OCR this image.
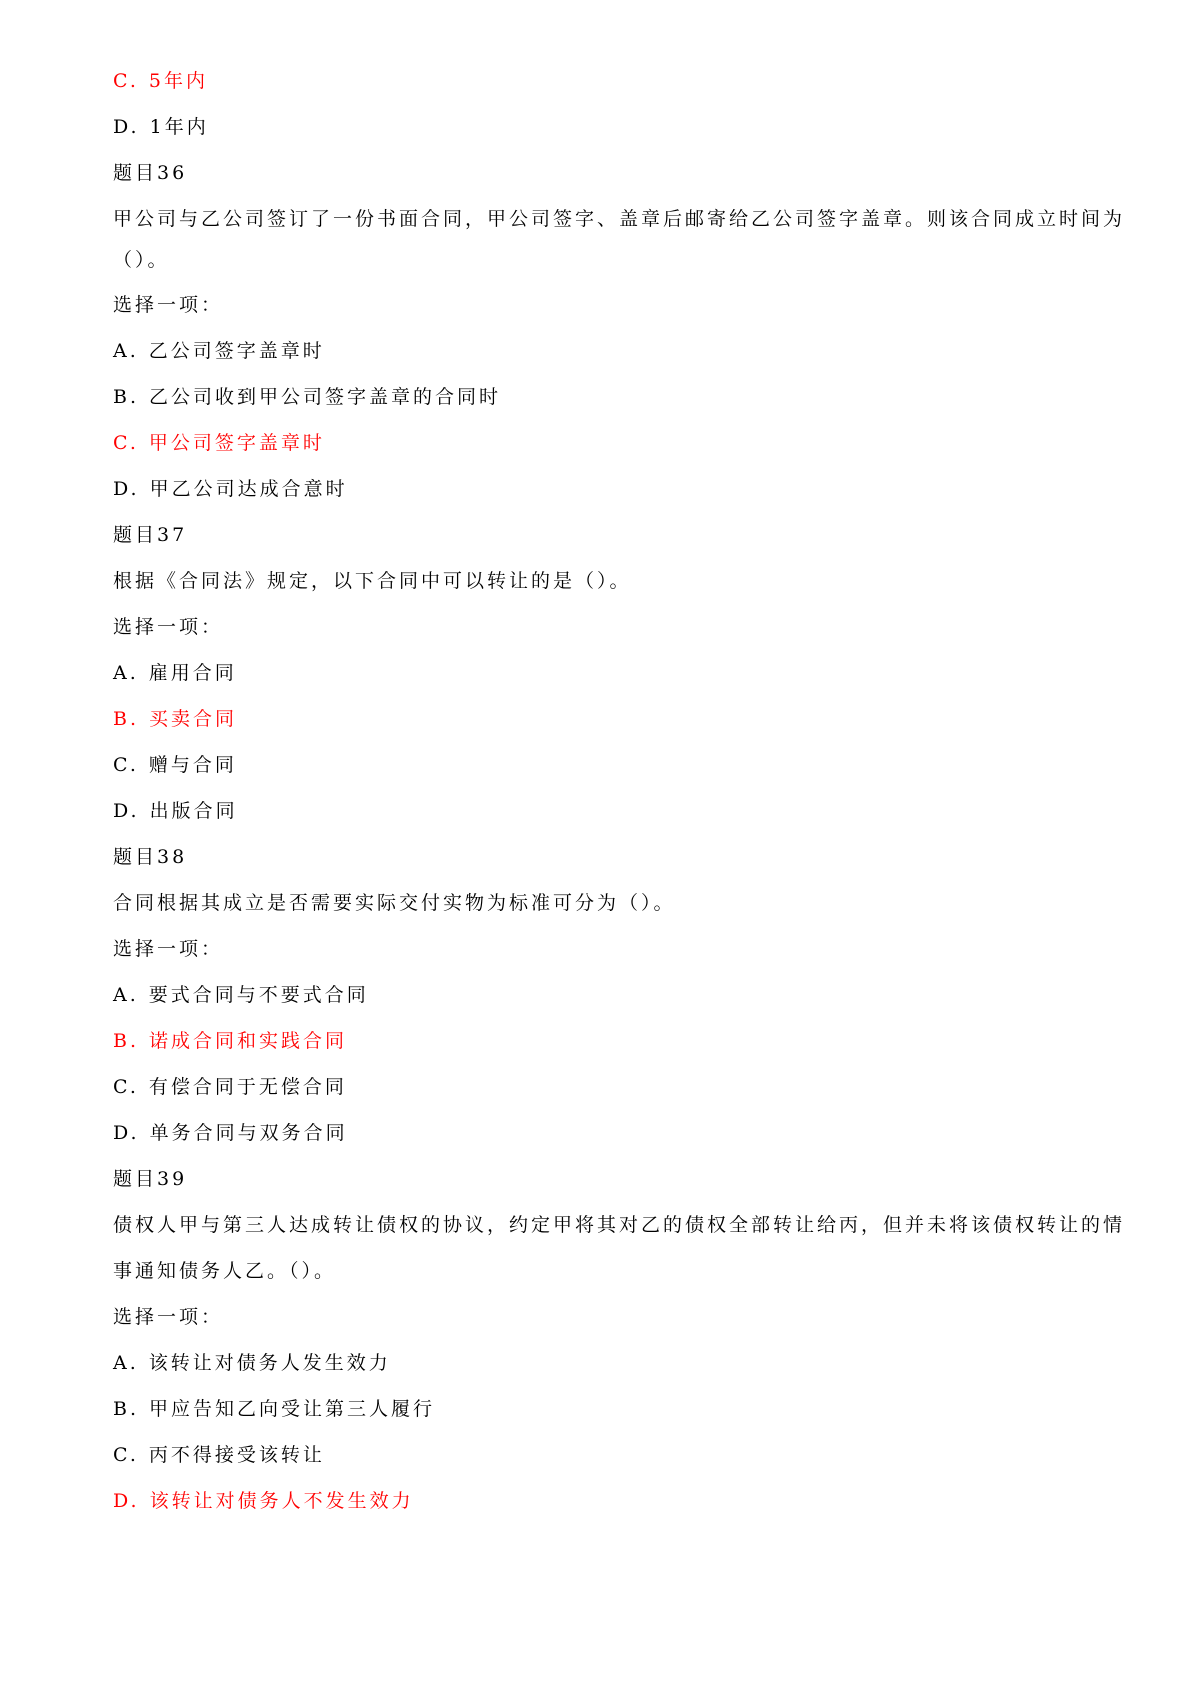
C. 5年内
D. 1年内
题目36
甲公司与乙公司签订了一份书面合同，甲公司签字、盖章后邮寄给乙公司签字盖章。则该合同成立时间为
（）。
选择一项：
A. 乙公司签字盖章时
B. 乙公司收到甲公司签字盖章的合同时
C. 甲公司签字盖章时
D. 甲乙公司达成合意时
题目37
根据《合同法》规定，以下合同中可以转让的是（）。
选择一项：
A. 雇用合同
B. 买卖合同
C. 赠与合同
D. 出版合同
题目38
合同根据其成立是否需要实际交付实物为标准可分为（）。
选择一项：
A. 要式合同与不要式合同
B. 诺成合同和实践合同
C. 有偿合同于无偿合同
D. 单务合同与双务合同
题目39
债权人甲与第三人达成转让债权的协议，约定甲将其对乙的债权全部转让给丙，但并未将该债权转让的情
事通知债务人乙。（）。
选择一项：
A. 该转让对债务人发生效力
B. 甲应告知乙向受让第三人履行
C. 丙不得接受该转让
D. 该转让对债务人不发生效力
